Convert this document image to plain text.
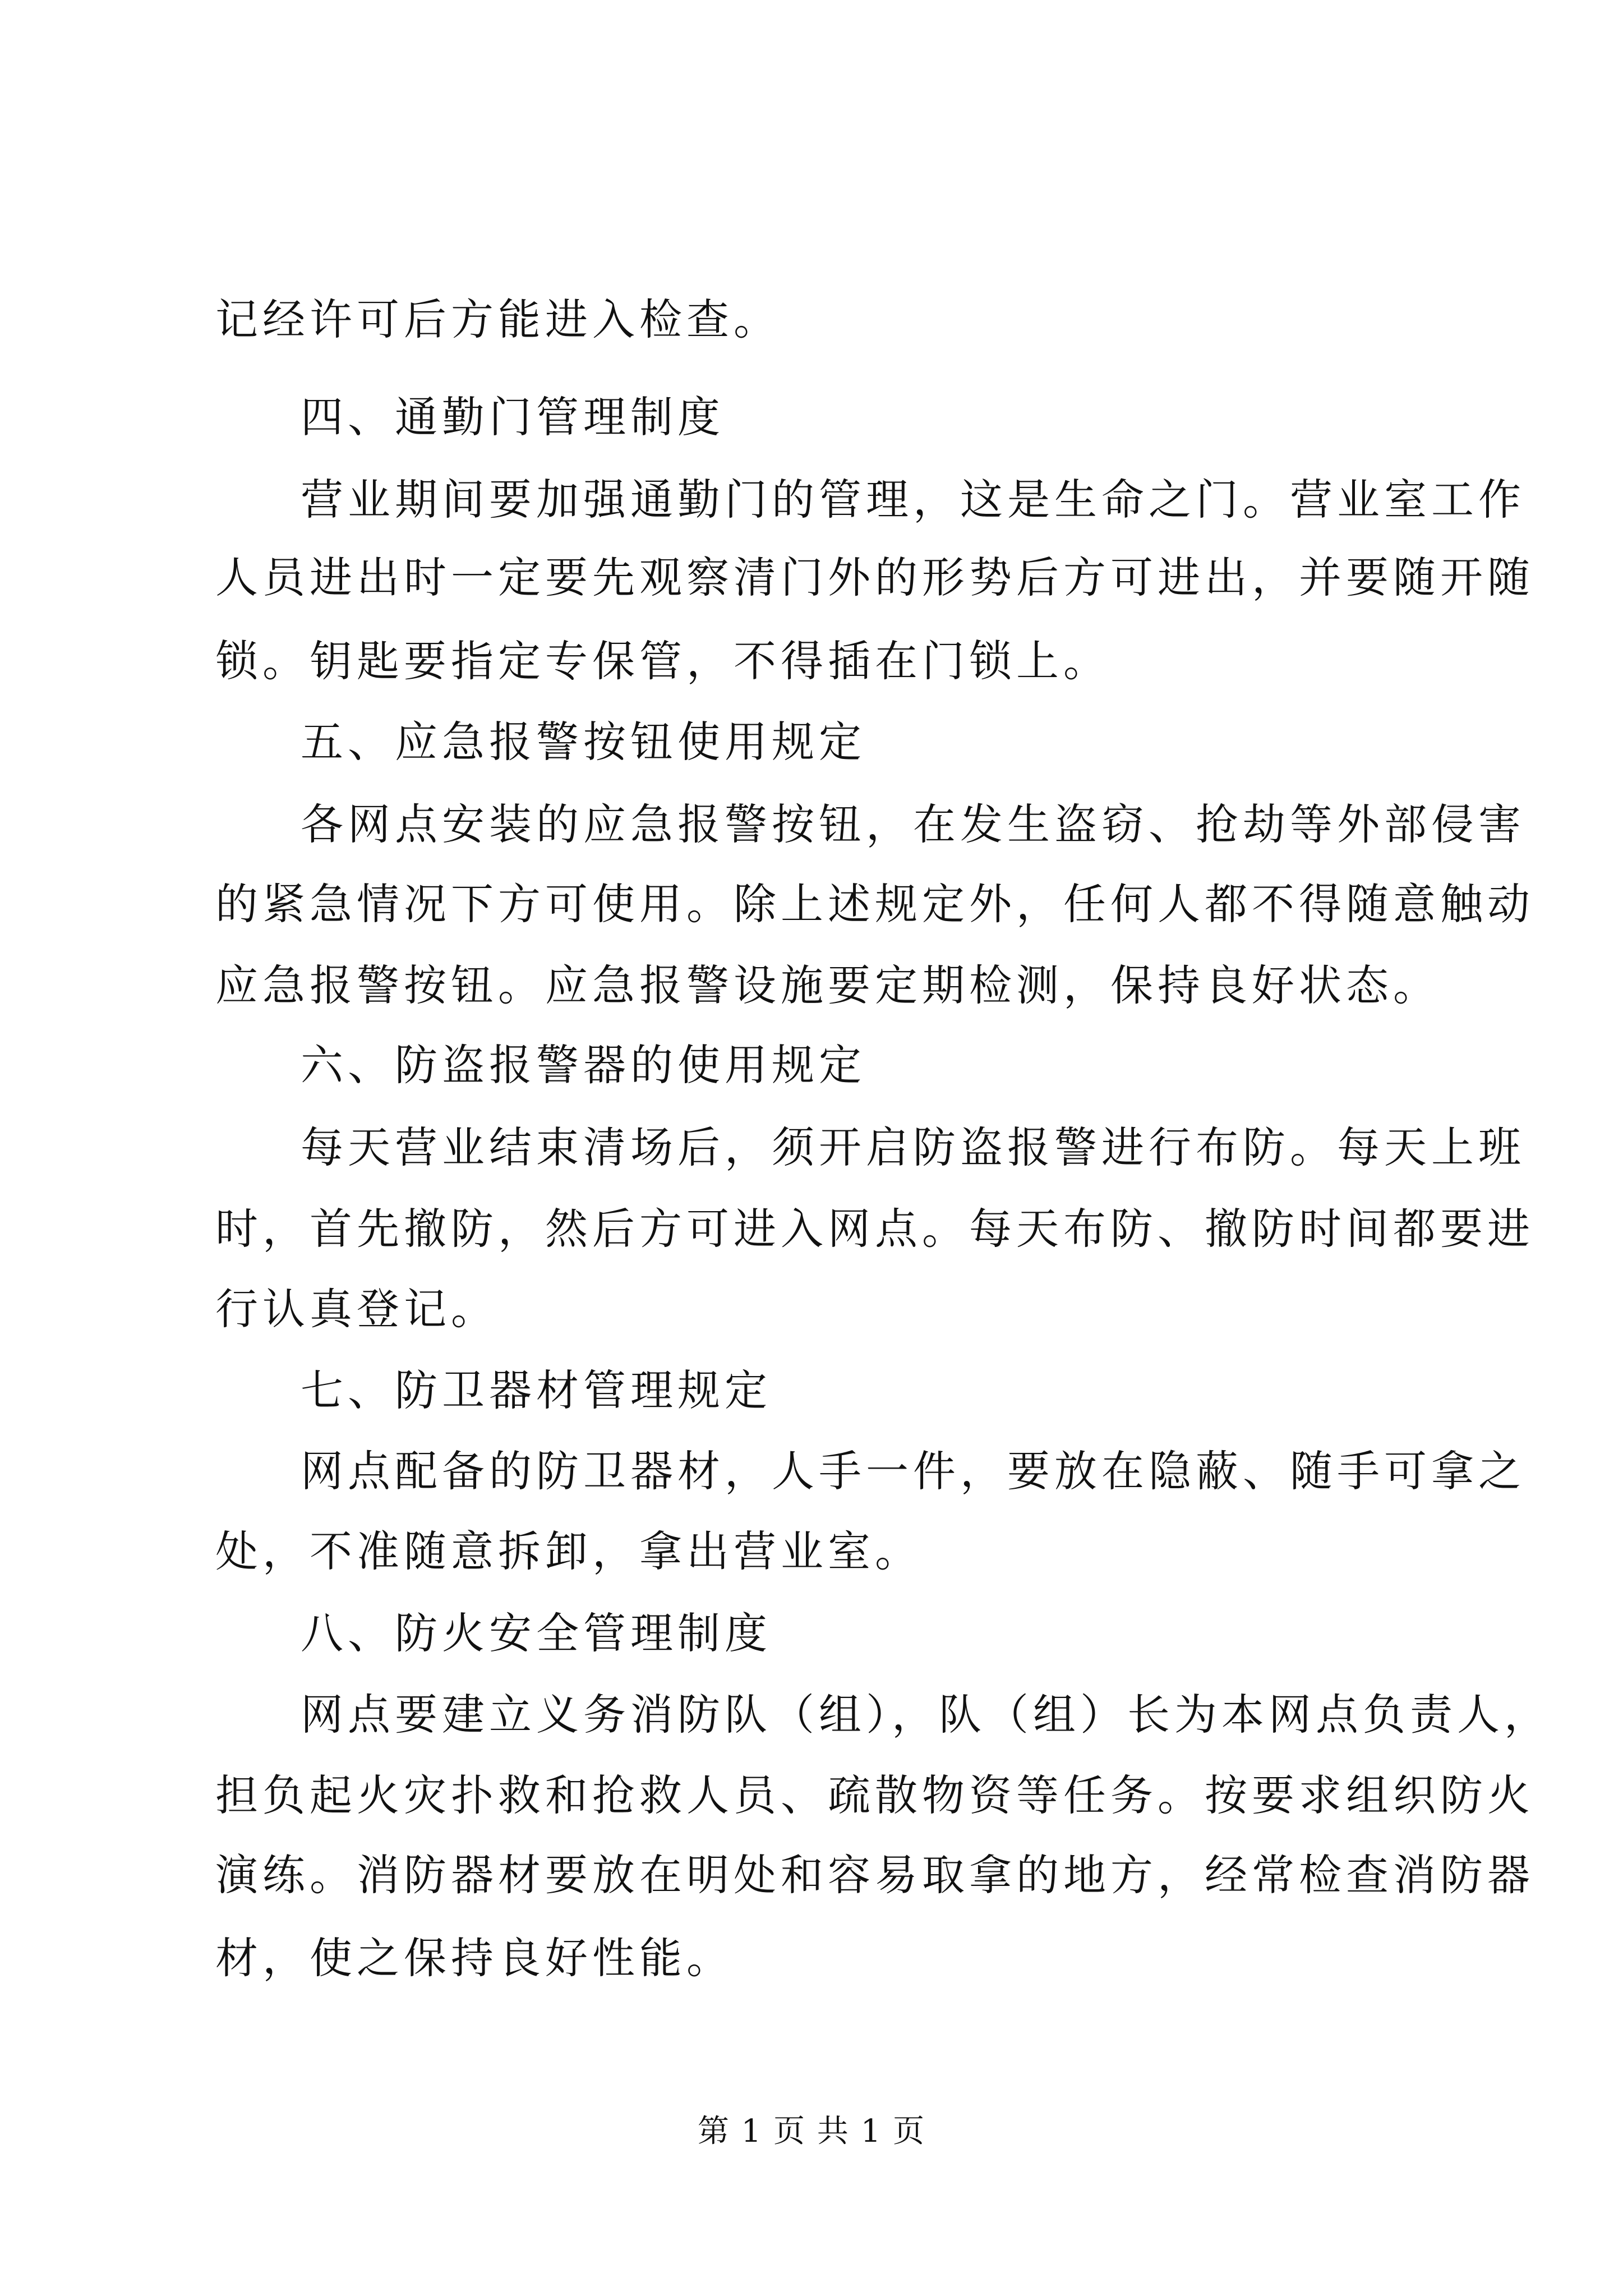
记经许可后方能进入检查。
四、通勤门管理制度
营业期间要加强通勤门的管理，这是生命之门。营业室工作
人员进出时一定要先观察清门外的形势后方可进出，并要随开随
锁。钥匙要指定专保管，不得插在门锁上。
五、应急报警按钮使用规定
各网点安装的应急报警按钮，在发生盗窃、抢劫等外部侵害
的紧急情况下方可使用。除上述规定外，任何人都不得随意触动
应急报警按钮。应急报警设施要定期检测，保持良好状态。
六、防盗报警器的使用规定
每天营业结束清场后，须开启防盗报警进行布防。每天上班
时，首先撤防，然后方可进入网点。每天布防、撤防时间都要进
行认真登记。
七、防卫器材管理规定
网点配备的防卫器材，人手一件，要放在隐蔽、随手可拿之
处，不准随意拆卸，拿出营业室。
八、防火安全管理制度
网点要建立义务消防队（组），队（组）长为本网点负责人，
担负起火灾扑救和抢救人员、疏散物资等任务。按要求组织防火
演练。消防器材要放在明处和容易取拿的地方，经常检查消防器
材，使之保持良好性能。
第 1 页 共 1 页
